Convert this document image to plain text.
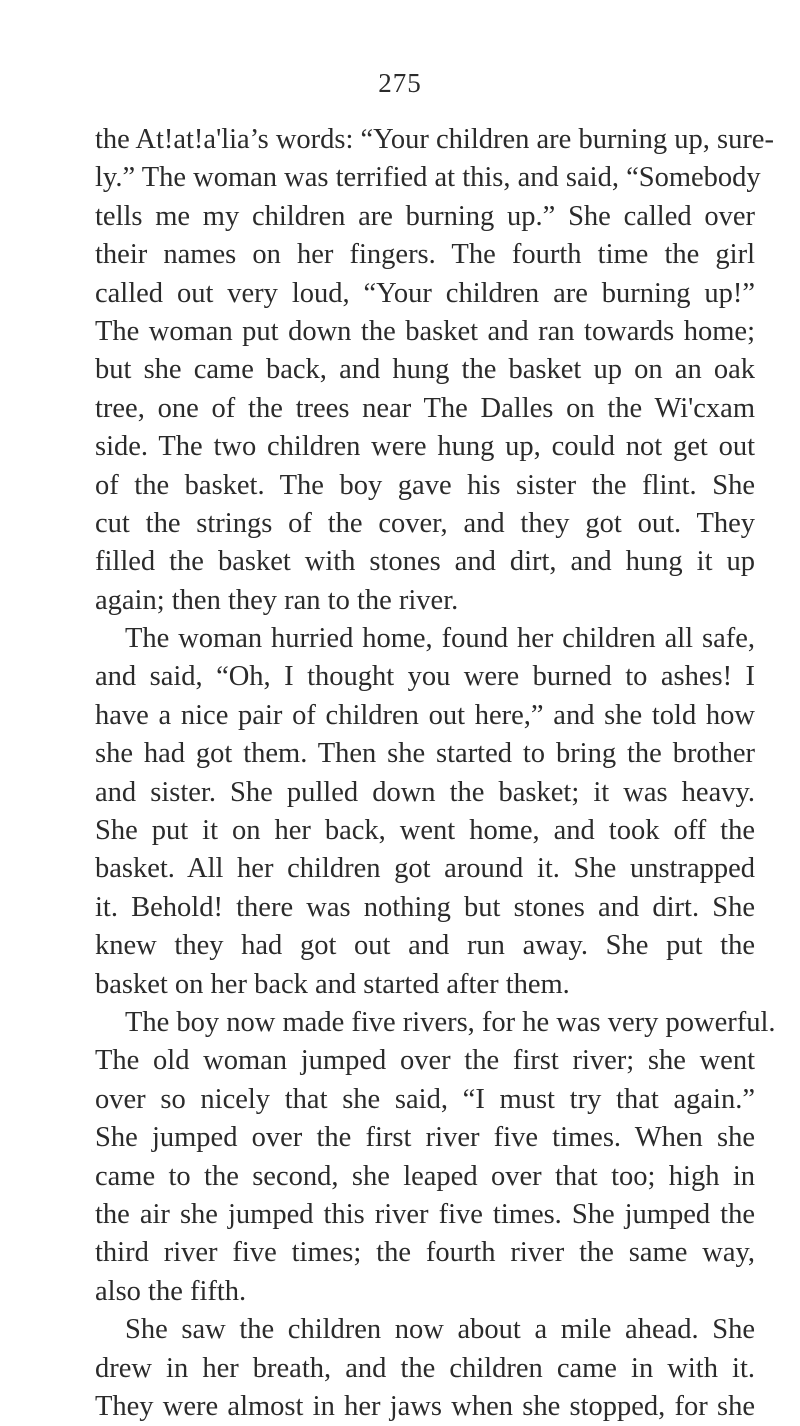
275
the At!at!a'lia’s words: “Your children are burning up, sure-
ly.” The woman was terrified at this, and said, “Somebody
tells me my children are burning up.” She called over
their names on her fingers. The fourth time the girl
called out very loud, “Your children are burning up!”
The woman put down the basket and ran towards home;
but she came back, and hung the basket up on an oak
tree, one of the trees near The Dalles on the Wi'cxam
side. The two children were hung up, could not get out
of the basket. The boy gave his sister the flint. She
cut the strings of the cover, and they got out. They
filled the basket with stones and dirt, and hung it up
again; then they ran to the river.
The woman hurried home, found her children all safe,
and said, “Oh, I thought you were burned to ashes! I
have a nice pair of children out here,” and she told how
she had got them. Then she started to bring the brother
and sister. She pulled down the basket; it was heavy.
She put it on her back, went home, and took off the
basket. All her children got around it. She unstrapped
it. Behold! there was nothing but stones and dirt. She
knew they had got out and run away. She put the
basket on her back and started after them.
The boy now made five rivers, for he was very powerful.
The old woman jumped over the first river; she went
over so nicely that she said, “I must try that again.”
She jumped over the first river five times. When she
came to the second, she leaped over that too; high in
the air she jumped this river five times. She jumped the
third river five times; the fourth river the same way,
also the fifth.
She saw the children now about a mile ahead. She
drew in her breath, and the children came in with it.
They were almost in her jaws when she stopped, for she
